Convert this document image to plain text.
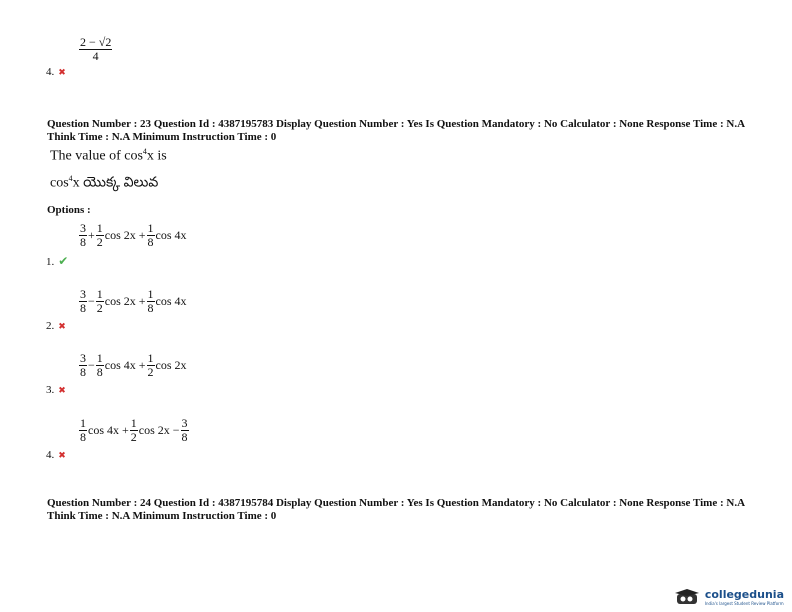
$\frac{2 - √2}{4}$
4. ✖
Question Number : 23 Question Id : 4387195783 Display Question Number : Yes Is Question Mandatory : No Calculator : None Response Time : N.A Think Time : N.A Minimum Instruction Time : 0
The value of $\cos^4x$ is
$\cos^4x$ యొక్క విలువ
Options :
$\frac{3}{8} + \frac{1}{2}$ $\cos 2x + \frac{1}{8}$ cos 4x
1. ✔
$\frac{3}{8} - \frac{1}{2}$ $\cos 2x + \frac{1}{8}$ cos 4x
2. ✖
$\frac{3}{8} - \frac{1}{8}$ $\cos 4x + \frac{1}{2}$ cos 2x
3. ✖
$\frac{1}{8}$ $\cos 4x + \frac{1}{2}$ $\cos 2x - \frac{3}{8}$
4. ✖
Question Number : 24 Question Id : 4387195784 Display Question Number : Yes Is Question Mandatory : No Calculator : None Response Time : N.A Think Time : N.A Minimum Instruction Time : 0
collegedunia
India's largest Student Review Platform
